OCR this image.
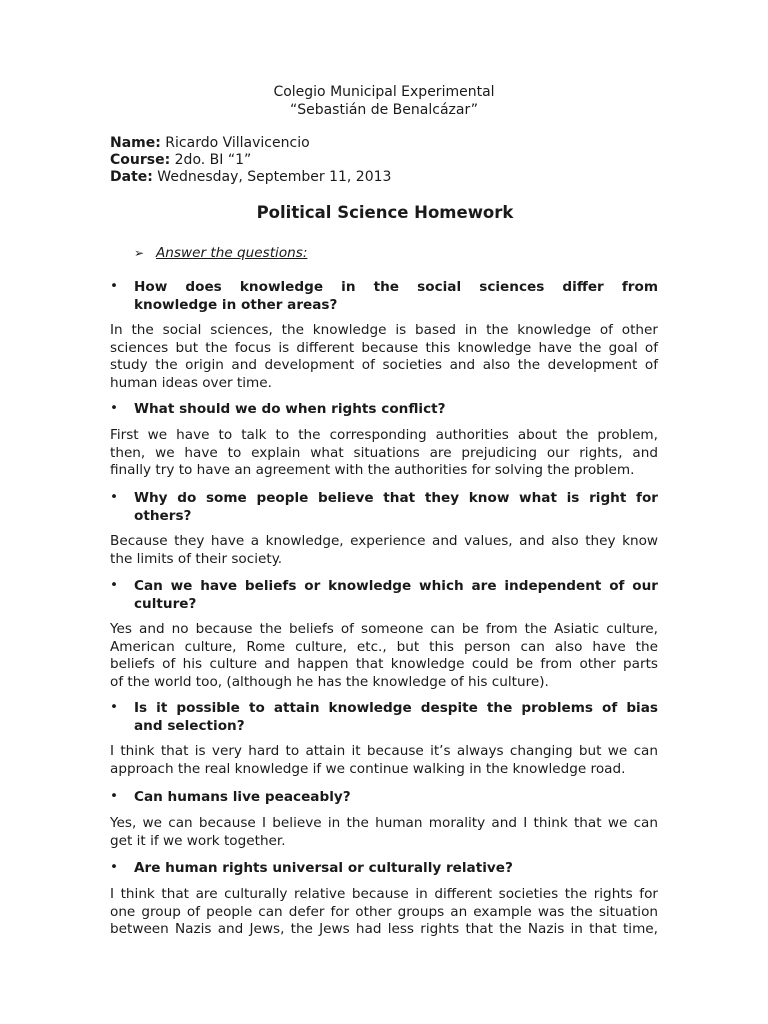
Colegio Municipal Experimental
“Sebastián de Benalcázar”
Name: Ricardo Villavicencio
Course: 2do. BI “1”
Date: Wednesday, September 11, 2013
Political Science Homework
➢ Answer the questions:
• How does knowledge in the social sciences differ from
knowledge in other areas?
In the social sciences, the knowledge is based in the knowledge of other
sciences but the focus is different because this knowledge have the goal of
study the origin and development of societies and also the development of
human ideas over time.
• What should we do when rights conflict?
First we have to talk to the corresponding authorities about the problem,
then, we have to explain what situations are prejudicing our rights, and
finally try to have an agreement with the authorities for solving the problem.
• Why do some people believe that they know what is right for
others?
Because they have a knowledge, experience and values, and also they know
the limits of their society.
• Can we have beliefs or knowledge which are independent of our
culture?
Yes and no because the beliefs of someone can be from the Asiatic culture,
American culture, Rome culture, etc., but this person can also have the
beliefs of his culture and happen that knowledge could be from other parts
of the world too, (although he has the knowledge of his culture).
• Is it possible to attain knowledge despite the problems of bias
and selection?
I think that is very hard to attain it because it’s always changing but we can
approach the real knowledge if we continue walking in the knowledge road.
• Can humans live peaceably?
Yes, we can because I believe in the human morality and I think that we can
get it if we work together.
• Are human rights universal or culturally relative?
I think that are culturally relative because in different societies the rights for
one group of people can defer for other groups an example was the situation
between Nazis and Jews, the Jews had less rights that the Nazis in that time,
